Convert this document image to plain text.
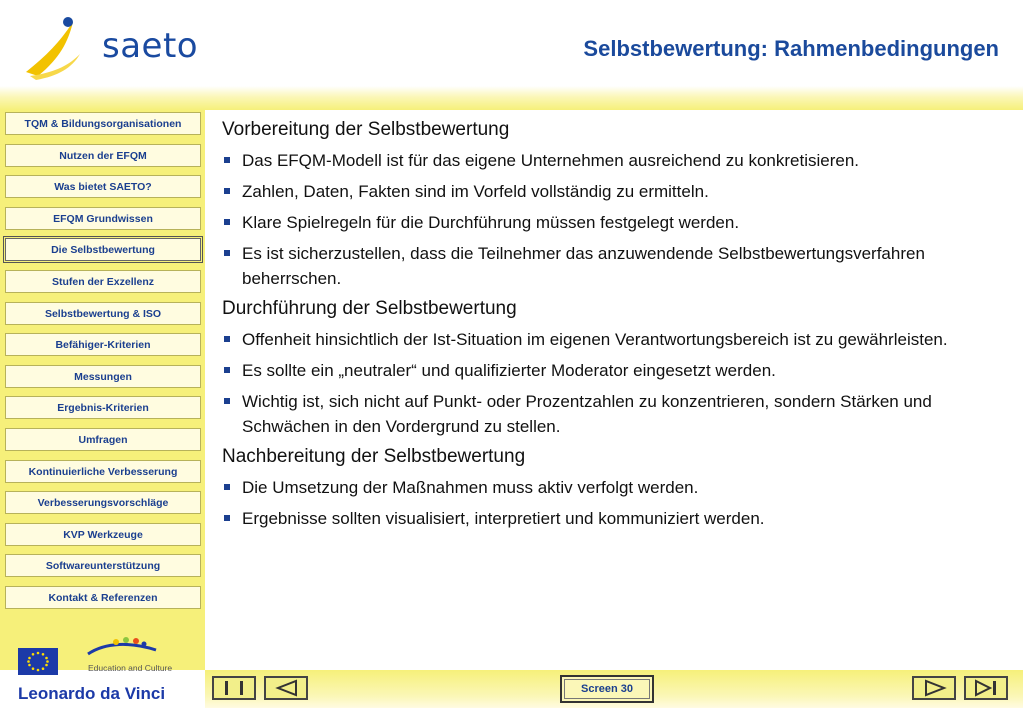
saeto	Selbstbewertung: Rahmenbedingungen
TQM & Bildungsorganisationen
Nutzen der EFQM
Was bietet SAETO?
EFQM Grundwissen
Die Selbstbewertung
Stufen der Exzellenz
Selbstbewertung & ISO
Befähiger-Kriterien
Messungen
Ergebnis-Kriterien
Umfragen
Kontinuierliche Verbesserung
Verbesserungsvorschläge
KVP Werkzeuge
Softwareunterstützung
Kontakt & Referenzen
Education and Culture
Leonardo da Vinci
Vorbereitung der Selbstbewertung
Das EFQM-Modell ist für das eigene Unternehmen ausreichend zu konkretisieren.
Zahlen, Daten, Fakten sind im Vorfeld vollständig zu ermitteln.
Klare Spielregeln für die Durchführung müssen festgelegt werden.
Es ist sicherzustellen, dass die Teilnehmer das anzuwendende Selbstbewertungsverfahren beherrschen.
Durchführung der Selbstbewertung
Offenheit hinsichtlich der Ist-Situation im eigenen Verantwortungsbereich ist zu gewährleisten.
Es sollte ein „neutraler“ und qualifizierter Moderator eingesetzt werden.
Wichtig ist, sich nicht auf Punkt- oder Prozentzahlen zu konzentrieren, sondern Stärken und Schwächen in den Vordergrund zu stellen.
Nachbereitung der Selbstbewertung
Die Umsetzung der Maßnahmen muss aktiv verfolgt werden.
Ergebnisse sollten visualisiert, interpretiert und kommuniziert werden.
Screen 30
